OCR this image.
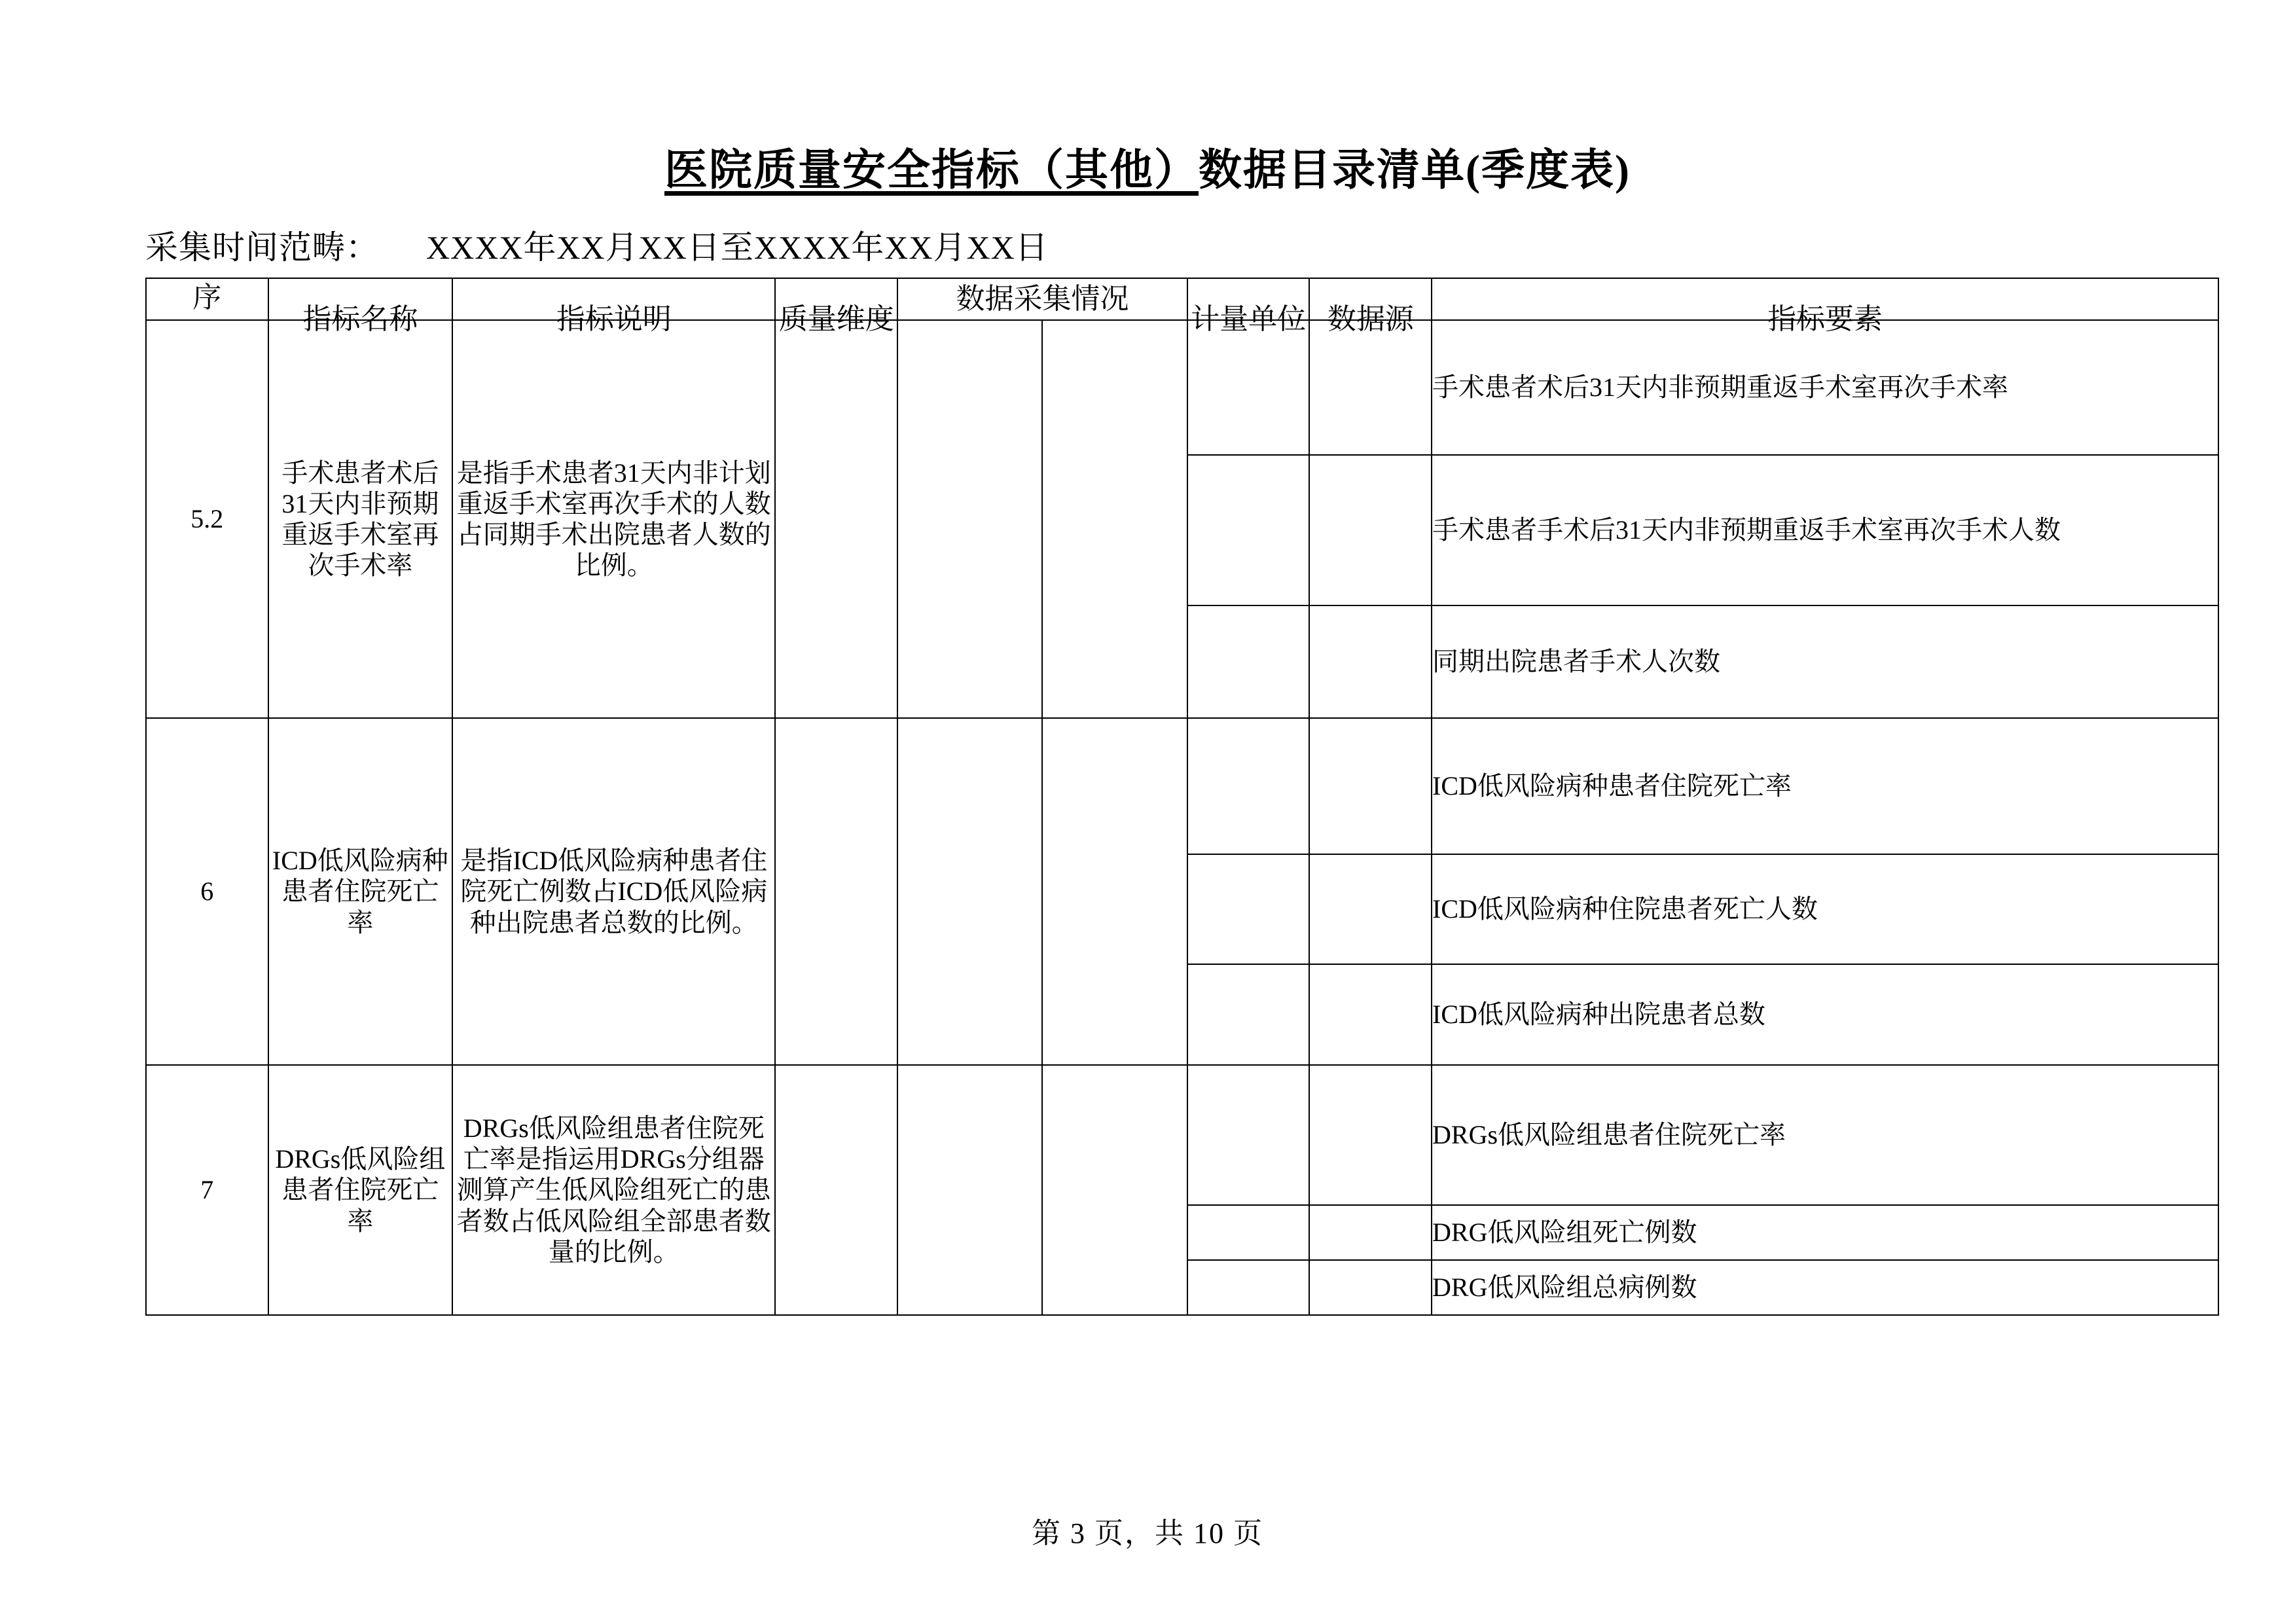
医院质量安全指标（其他）数据目录清单(季度表)
采集时间范畴： XXXX年XX月XX日至XXXX年XX月XX日
序	指标名称	指标说明	质量维度	数据采集情况		计量单位	数据源	指标要素

5.2	手术患者术后31天内非预期重返手术室再次手术率	是指手术患者31天内非计划重返手术室再次手术的人数占同期手术出院患者人数的比例。						手术患者术后31天内非预期重返手术室再次手术率
								手术患者手术后31天内非预期重返手术室再次手术人数
								同期出院患者手术人次数
6	ICD低风险病种患者住院死亡率	是指ICD低风险病种患者住院死亡例数占ICD低风险病种出院患者总数的比例。						ICD低风险病种患者住院死亡率
								ICD低风险病种住院患者死亡人数
								ICD低风险病种出院患者总数
7	DRGs低风险组患者住院死亡率	DRGs低风险组患者住院死亡率是指运用DRGs分组器测算产生低风险组死亡的患者数占低风险组全部患者数量的比例。						DRGs低风险组患者住院死亡率
								DRG低风险组死亡例数
								DRG低风险组总病例数
第 3 页，共 10 页
